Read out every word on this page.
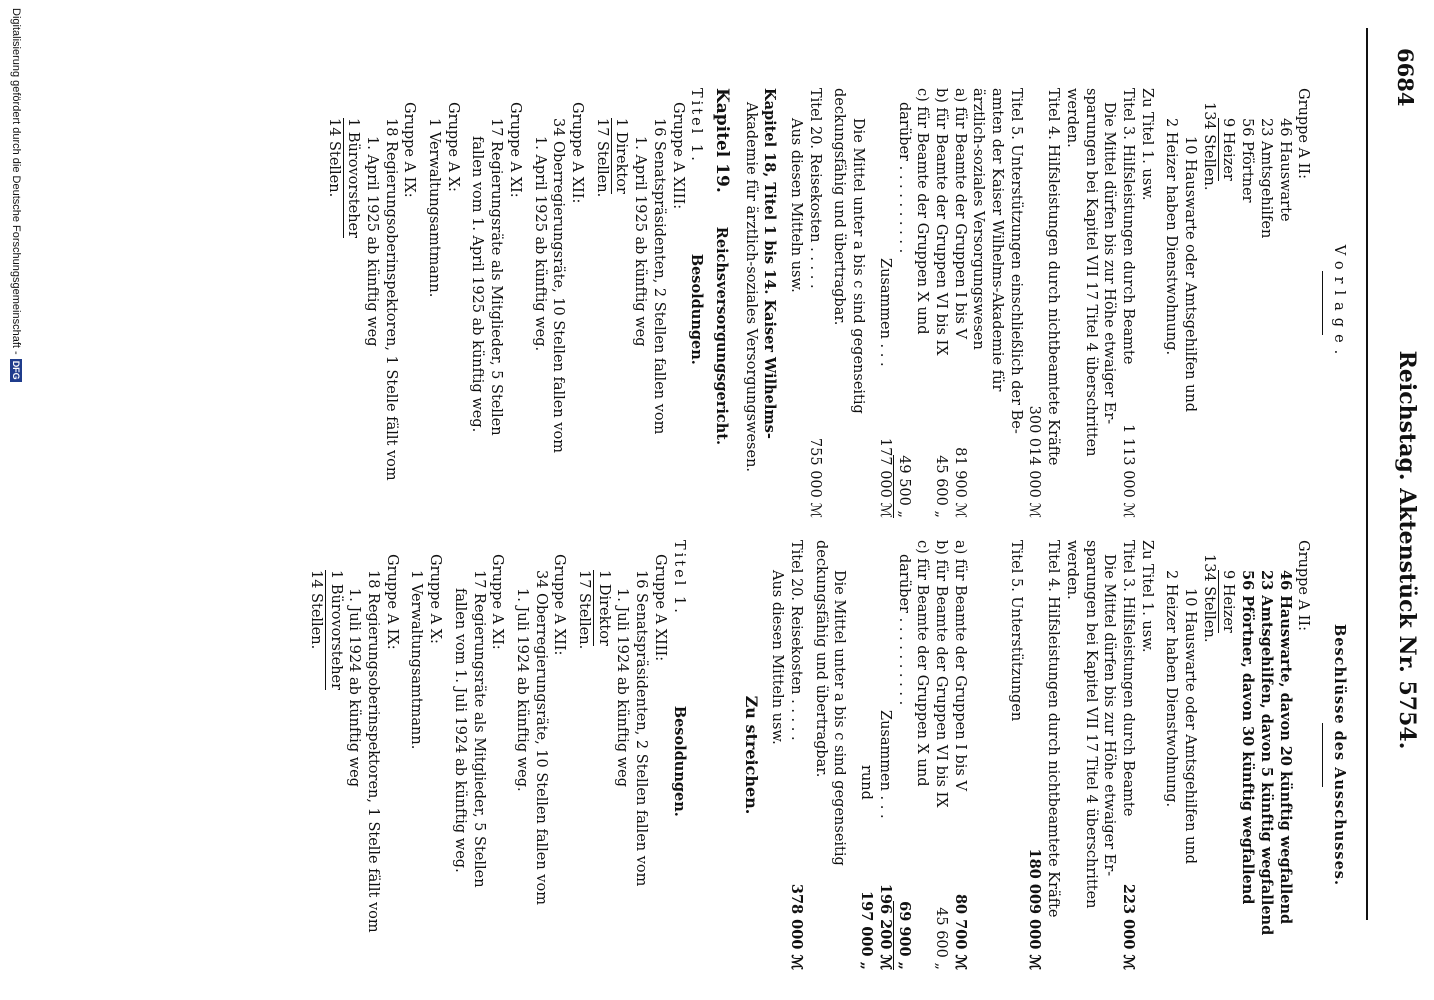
6684
Reichstag. Aktenstück Nr. 5754.
Vorlage.
Gruppe A II:
46 Hauswarte
23 Amtsgehilfen
56 Pförtner
9 Heizer
134 Stellen.
10 Hauswarte oder Amtsgehilfen und
2 Heizer haben Dienstwohnung.
Zu Titel 1. usw.
Titel 3. Hilfsleistungen durch Beamte
1 113 000 ℳ
Die Mittel dürfen bis zur Höhe etwaiger Er-
sparungen bei Kapitel VII 17 Titel 4 überschritten
werden.
Titel 4. Hilfsleistungen durch nichtbeamtete Kräfte
300 014 000 ℳ
Titel 5. Unterstützungen einschließlich der Be-
amten der Kaiser Wilhelms-Akademie für
ärztlich-soziales Versorgungswesen
a) für Beamte der Gruppen I bis V
81 900 ℳ
b) für Beamte der Gruppen VI bis IX
45 600 „
c) für Beamte der Gruppen X und
darüber . . . . . . . . . .
49 500 „
Zusammen . . .
177 000 ℳ
Die Mittel unter a bis c sind gegenseitig
deckungsfähig und übertragbar.
Titel 20. Reisekosten . . . . .
755 000 ℳ
Aus diesen Mitteln usw.
Kapitel 18, Titel 1 bis 14. Kaiser Wilhelms-
Akademie für ärztlich-soziales Versorgungswesen.
Kapitel 19.Reichsversorgungsgericht.
Titel 1.Besoldungen.
Gruppe A XIII:
16 Senatspräsidenten, 2 Stellen fallen vom
1. April 1925 ab künftig weg
1 Direktor
17 Stellen.
Gruppe A XII:
34 Oberregierungsräte, 10 Stellen fallen vom
1. April 1925 ab künftig weg.
Gruppe A XI:
17 Regierungsräte als Mitglieder, 5 Stellen
fallen vom 1. April 1925 ab künftig weg.
Gruppe A X:
1 Verwaltungsamtmann.
Gruppe A IX:
18 Regierungsoberinspektoren, 1 Stelle fällt vom
1. April 1925 ab künftig weg
1 Bürovorsteher
14 Stellen.
Beschlüsse des Ausschusses.
Gruppe A II:
46 Hauswarte, davon 20 künftig wegfallend
23 Amtsgehilfen, davon 5 künftig wegfallend
56 Pförtner, davon 30 künftig wegfallend
9 Heizer
134 Stellen.
10 Hauswarte oder Amtsgehilfen und
2 Heizer haben Dienstwohnung.
Zu Titel 1. usw.
Titel 3. Hilfsleistungen durch Beamte
223 000 ℳ
Die Mittel dürfen bis zur Höhe etwaiger Er-
sparungen bei Kapitel VII 17 Titel 4 überschritten
werden.
Titel 4. Hilfsleistungen durch nichtbeamtete Kräfte
180 009 000 ℳ
Titel 5. Unterstützungen
a) für Beamte der Gruppen I bis V
80 700 ℳ
b) für Beamte der Gruppen VI bis IX
45 600 „
c) für Beamte der Gruppen X und
darüber . . . . . . . . . .
69 900 „
Zusammen . . .
196 200 ℳ
rund
197 000 „
Die Mittel unter a bis c sind gegenseitig
deckungsfähig und übertragbar.
Titel 20. Reisekosten . . . . .
378 000 ℳ
Aus diesen Mitteln usw.
Zu streichen.
Titel 1.Besoldungen.
Gruppe A XIII:
16 Senatspräsidenten, 2 Stellen fallen vom
1. Juli 1924 ab künftig weg
1 Direktor
17 Stellen.
Gruppe A XII:
34 Oberregierungsräte, 10 Stellen fallen vom
1. Juli 1924 ab künftig weg.
Gruppe A XI:
17 Regierungsräte als Mitglieder, 5 Stellen
fallen vom 1. Juli 1924 ab künftig weg.
Gruppe A X:
1 Verwaltungsamtmann.
Gruppe A IX:
18 Regierungsoberinspektoren, 1 Stelle fällt vom
1. Juli 1924 ab künftig weg
1 Bürovorsteher
14 Stellen.
Digitalisierung gefördert durch die Deutsche Forschungsgemeinschaft -DFG
